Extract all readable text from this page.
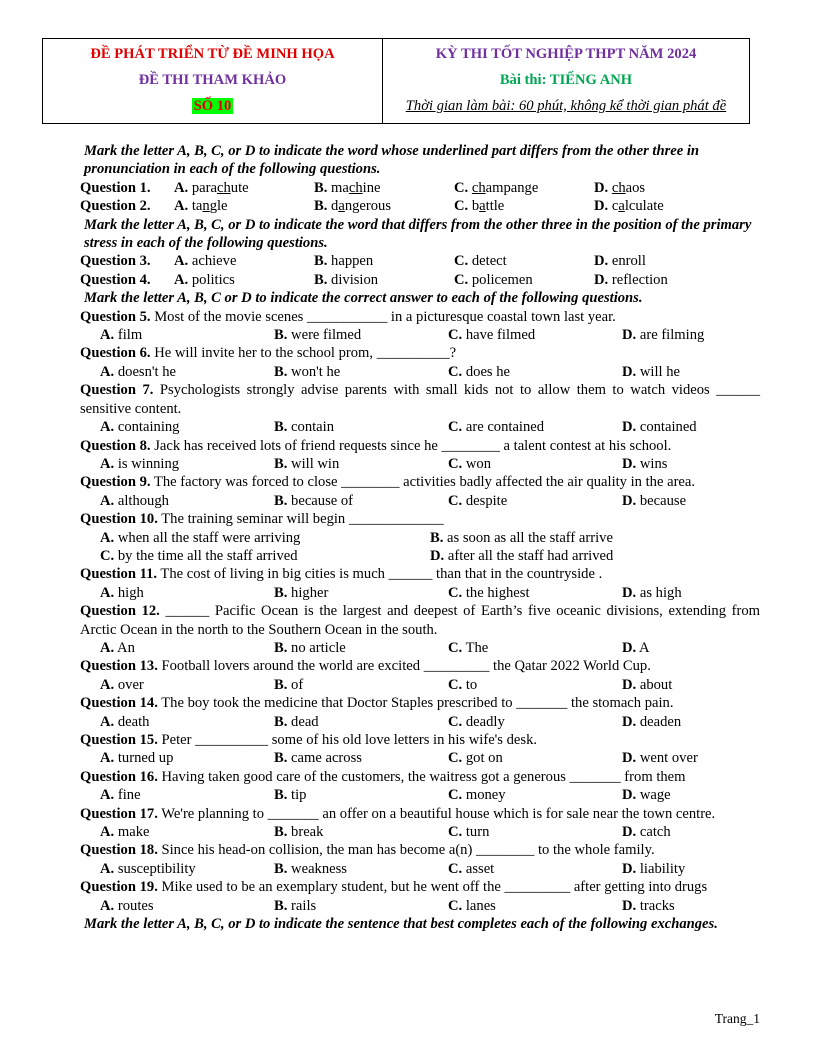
ĐỀ PHÁT TRIỂN TỪ ĐỀ MINH HỌA
ĐỀ THI THAM KHẢO
SỐ 10
KỲ THI TỐT NGHIỆP THPT NĂM 2024
Bài thi: TIẾNG ANH
Thời gian làm bài: 60 phút, không kể thời gian phát đề
Mark the letter A, B, C, or D to indicate the word whose underlined part differs from the other three in pronunciation in each of the following questions.
Question 1.	A. parachute	B. machine	C. champange	D. chaos
Question 2.	A. tangle	B. dangerous	C. battle	D. calculate
Mark the letter A, B, C, or D to indicate the word that differs from the other three in the position of the primary stress in each of the following questions.
Question 3.	A. achieve	B. happen	C. detect	D. enroll
Question 4.	A. politics	B. division	C. policemen	D. reflection
Mark the letter A, B, C or D to indicate the correct answer to each of the following questions.
Question 5. Most of the movie scenes ___________ in a picturesque coastal town last year.
A. film	B. were filmed	C. have filmed	D. are filming
Question 6. He will invite her to the school prom, __________?
A. doesn't he	B. won't he	C. does he	D. will he
Question 7. Psychologists strongly advise parents with small kids not to allow them to watch videos ______ sensitive content.
A. containing	B. contain	C. are contained	D. contained
Question 8. Jack has received lots of friend requests since he ________ a talent contest at his school.
A. is winning	B. will win	C. won	D. wins
Question 9. The factory was forced to close ________ activities badly affected the air quality in the area.
A. although	B. because of	C. despite	D. because
Question 10. The training seminar will begin _____________
A. when all the staff were arriving	B. as soon as all the staff arrive
C. by the time all the staff arrived	D. after all the staff had arrived
Question 11. The cost of living in big cities is much ______ than that in the countryside .
A. high	B. higher	C. the highest	D. as high
Question 12. ______ Pacific Ocean is the largest and deepest of Earth’s five oceanic divisions, extending from Arctic Ocean in the north to the Southern Ocean in the south.
A. An	B. no article	C. The	D. A
Question 13. Football lovers around the world are excited _________ the Qatar 2022 World Cup.
A. over	B. of	C. to	D. about
Question 14. The boy took the medicine that Doctor Staples prescribed to _______ the stomach pain.
A. death	B. dead	C. deadly	D. deaden
Question 15. Peter __________ some of his old love letters in his wife's desk.
A. turned up	B. came across	C. got on	D. went over
Question 16. Having taken good care of the customers, the waitress got a generous _______ from them
A. fine	B. tip	C. money	D. wage
Question 17. We're planning to _______ an offer on a beautiful house which is for sale near the town centre.
A. make	B. break	C. turn	D. catch
Question 18. Since his head-on collision, the man has become a(n) ________ to the whole family.
A. susceptibility	B. weakness	C. asset	D. liability
Question 19. Mike used to be an exemplary student, but he went off the _________ after getting into drugs
A. routes	B. rails	C. lanes	D. tracks
Mark the letter A, B, C, or D to indicate the sentence that best completes each of the following exchanges.
Trang_1
